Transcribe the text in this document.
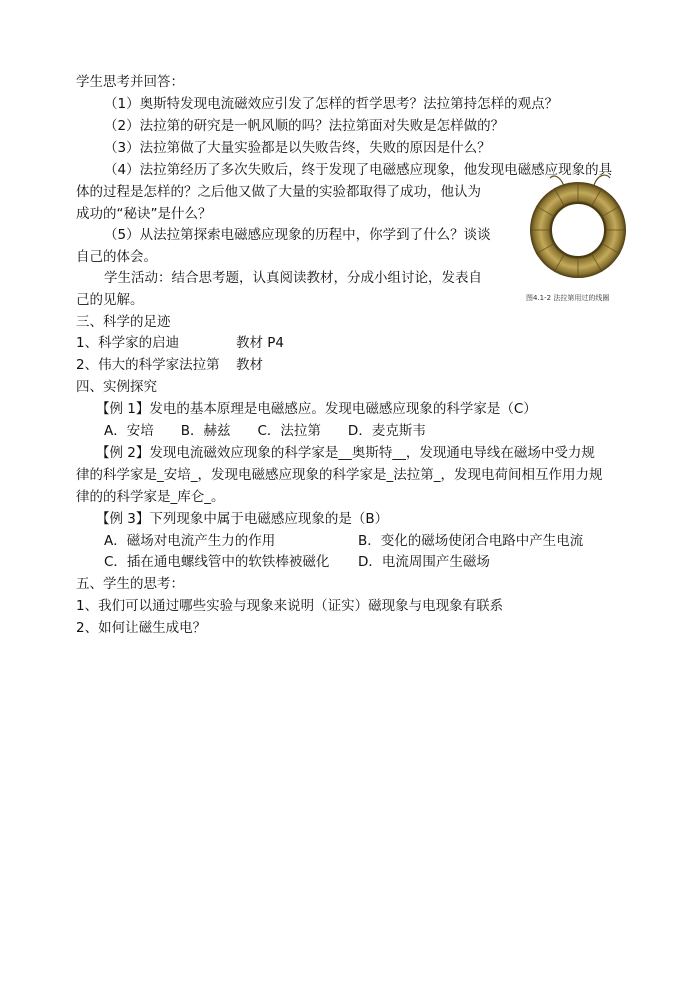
学生思考并回答：
（1）奥斯特发现电流磁效应引发了怎样的哲学思考？法拉第持怎样的观点？
（2）法拉第的研究是一帆风顺的吗？法拉第面对失败是怎样做的？
（3）法拉第做了大量实验都是以失败告终，失败的原因是什么？
（4）法拉第经历了多次失败后，终于发现了电磁感应现象，他发现电磁感应现象的具
体的过程是怎样的？之后他又做了大量的实验都取得了成功，他认为
成功的“秘诀”是什么？
（5）从法拉第探索电磁感应现象的历程中，你学到了什么？谈谈
自己的体会。
学生活动：结合思考题，认真阅读教材，分成小组讨论，发表自
己的见解。
三、科学的足迹
1、科学家的启迪	教材 P4
2、伟大的科学家法拉第 教材
四、实例探究
【例 1】发电的基本原理是电磁感应。发现电磁感应现象的科学家是（C）
A．安培　　B．赫兹　　C．法拉第　　D．麦克斯韦
【例 2】发现电流磁效应现象的科学家是__奥斯特__，发现通电导线在磁场中受力规
律的科学家是_安培_，发现电磁感应现象的科学家是_法拉第_，发现电荷间相互作用力规
律的的科学家是_库仑_。
【例 3】下列现象中属于电磁感应现象的是（B）
A．磁场对电流产生力的作用	B．变化的磁场使闭合电路中产生电流
C．插在通电螺线管中的软铁棒被磁化 D．电流周围产生磁场
五、学生的思考：
1、我们可以通过哪些实验与现象来说明（证实）磁现象与电现象有联系
2、如何让磁生成电？
图4.1-2 法拉第用过的线圈
